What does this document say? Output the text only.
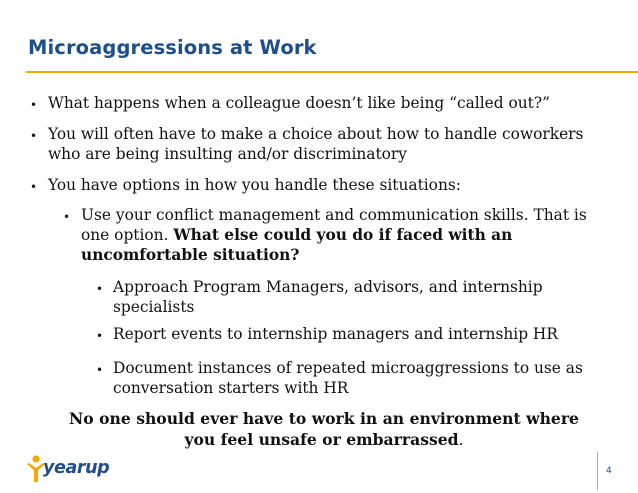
Microaggressions at Work
• What happens when a colleague doesn’t like being “called out?”
• You will often have to make a choice about how to handle coworkers
who are being insulting and/or discriminatory
• You have options in how you handle these situations:
• Use your conflict management and communication skills. That is
one option. What else could you do if faced with an
uncomfortable situation?
• Approach Program Managers, advisors, and internship
specialists
• Report events to internship managers and internship HR
• Document instances of repeated microaggressions to use as
conversation starters with HR
No one should ever have to work in an environment where
you feel unsafe or embarrassed.
yearup	4
